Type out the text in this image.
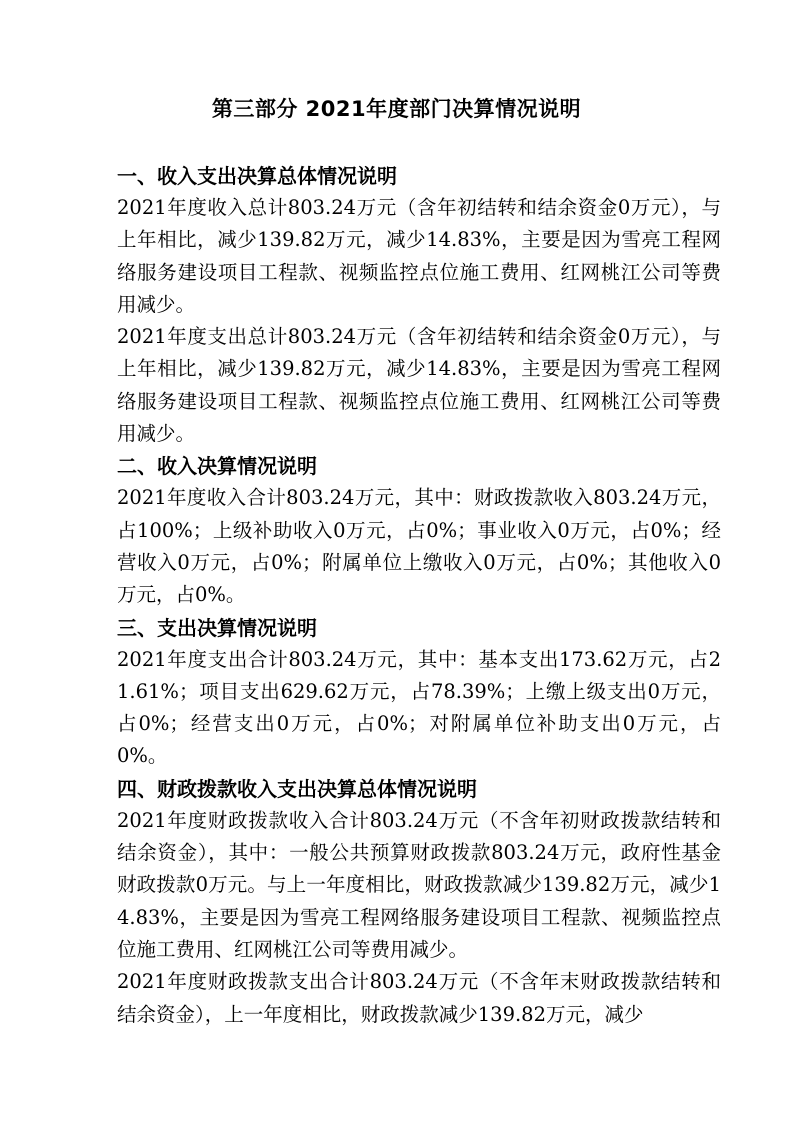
第三部分 2021年度部门决算情况说明
一、收入支出决算总体情况说明

2021年度收入总计803.24万元（含年初结转和结余资金0万元），与上年相比，减少139.82万元，减少14.83%，主要是因为雪亮工程网络服务建设项目工程款、视频监控点位施工费用、红网桃江公司等费用减少。

2021年度支出总计803.24万元（含年初结转和结余资金0万元），与上年相比，减少139.82万元，减少14.83%，主要是因为雪亮工程网络服务建设项目工程款、视频监控点位施工费用、红网桃江公司等费用减少。

二、收入决算情况说明

2021年度收入合计803.24万元，其中：财政拨款收入803.24万元，占100%；上级补助收入0万元，占0%；事业收入0万元，占0%；经营收入0万元，占0%；附属单位上缴收入0万元，占0%；其他收入0万元，占0%。

三、支出决算情况说明

2021年度支出合计803.24万元，其中：基本支出173.62万元，占21.61%；项目支出629.62万元，占78.39%；上缴上级支出0万元，占0%；经营支出0万元，占0%；对附属单位补助支出0万元，占0%。

四、财政拨款收入支出决算总体情况说明

2021年度财政拨款收入合计803.24万元（不含年初财政拨款结转和结余资金），其中：一般公共预算财政拨款803.24万元，政府性基金财政拨款0万元。与上一年度相比，财政拨款减少139.82万元，减少14.83%，主要是因为雪亮工程网络服务建设项目工程款、视频监控点位施工费用、红网桃江公司等费用减少。

2021年度财政拨款支出合计803.24万元（不含年末财政拨款结转和结余资金），上一年度相比，财政拨款减少139.82万元，减少
